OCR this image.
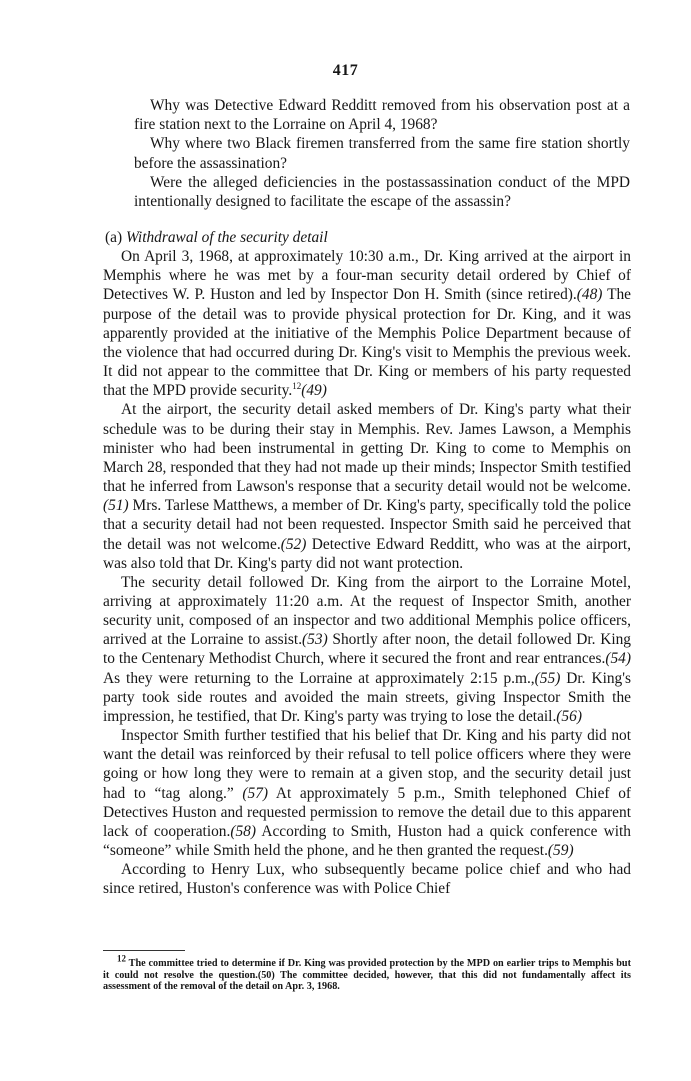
417

Why was Detective Edward Redditt removed from his observation post at a fire station next to the Lorraine on April 4, 1968?

Why where two Black firemen transferred from the same fire station shortly before the assassination?

Were the alleged deficiencies in the postassassination conduct of the MPD intentionally designed to facilitate the escape of the assassin?

(a) Withdrawal of the security detail

On April 3, 1968, at approximately 10:30 a.m., Dr. King arrived at the airport in Memphis where he was met by a four-man security detail ordered by Chief of Detectives W. P. Huston and led by Inspector Don H. Smith (since retired).(48) The purpose of the detail was to provide physical protection for Dr. King, and it was apparently provided at the initiative of the Memphis Police Department because of the violence that had occurred during Dr. King's visit to Memphis the previous week. It did not appear to the committee that Dr. King or members of his party requested that the MPD provide security.$^{12}$(49)

At the airport, the security detail asked members of Dr. King's party what their schedule was to be during their stay in Memphis. Rev. James Lawson, a Memphis minister who had been instrumental in getting Dr. King to come to Memphis on March 28, responded that they had not made up their minds; Inspector Smith testified that he inferred from Lawson's response that a security detail would not be welcome.(51) Mrs. Tarlese Matthews, a member of Dr. King's party, specifically told the police that a security detail had not been requested. Inspector Smith said he perceived that the detail was not welcome.(52) Detective Edward Redditt, who was at the airport, was also told that Dr. King's party did not want protection.

The security detail followed Dr. King from the airport to the Lorraine Motel, arriving at approximately 11:20 a.m. At the request of Inspector Smith, another security unit, composed of an inspector and two additional Memphis police officers, arrived at the Lorraine to assist.(53) Shortly after noon, the detail followed Dr. King to the Centenary Methodist Church, where it secured the front and rear entrances.(54) As they were returning to the Lorraine at approximately 2:15 p.m.,(55) Dr. King's party took side routes and avoided the main streets, giving Inspector Smith the impression, he testified, that Dr. King's party was trying to lose the detail.(56)

Inspector Smith further testified that his belief that Dr. King and his party did not want the detail was reinforced by their refusal to tell police officers where they were going or how long they were to remain at a given stop, and the security detail just had to “tag along.” (57) At approximately 5 p.m., Smith telephoned Chief of Detectives Huston and requested permission to remove the detail due to this apparent lack of cooperation.(58) According to Smith, Huston had a quick conference with “someone” while Smith held the phone, and he then granted the request.(59)

According to Henry Lux, who subsequently became police chief and who had since retired, Huston's conference was with Police Chief

$^{12}$ The committee tried to determine if Dr. King was provided protection by the MPD on earlier trips to Memphis but it could not resolve the question.(50) The committee decided, however, that this did not fundamentally affect its assessment of the removal of the detail on Apr. 3, 1968.
